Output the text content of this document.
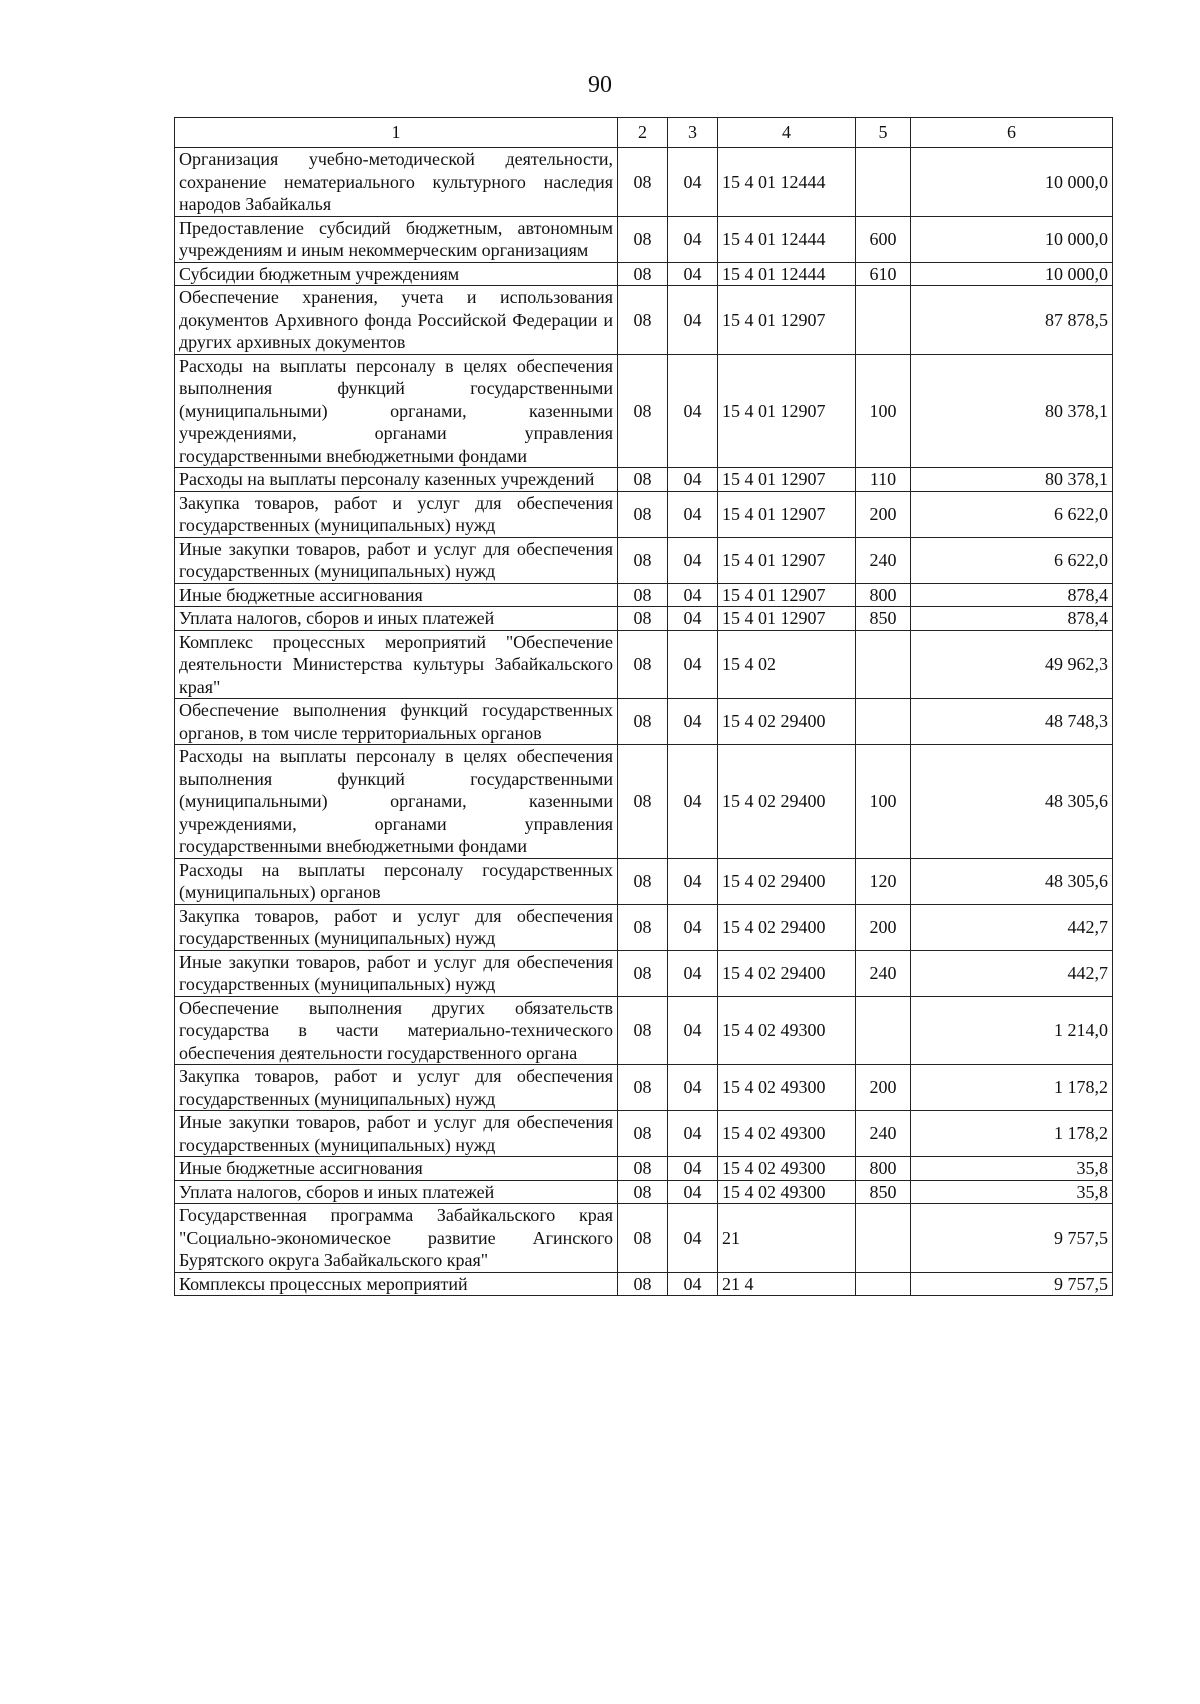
90
1	2	3	4	5	6
Организация учебно-методической деятельности, сохранение нематериального культурного наследия народов Забайкалья	08	04	15 4 01 12444		10 000,0
Предоставление субсидий бюджетным, автономным учреждениям и иным некоммерческим организациям	08	04	15 4 01 12444	600	10 000,0
Субсидии бюджетным учреждениям	08	04	15 4 01 12444	610	10 000,0
Обеспечение хранения, учета и использования документов Архивного фонда Российской Федерации и других архивных документов	08	04	15 4 01 12907		87 878,5
Расходы на выплаты персоналу в целях обеспечения выполнения функций государственными (муниципальными) органами, казенными учреждениями, органами управления государственными внебюджетными фондами	08	04	15 4 01 12907	100	80 378,1
Расходы на выплаты персоналу казенных учреждений	08	04	15 4 01 12907	110	80 378,1
Закупка товаров, работ и услуг для обеспечения государственных (муниципальных) нужд	08	04	15 4 01 12907	200	6 622,0
Иные закупки товаров, работ и услуг для обеспечения государственных (муниципальных) нужд	08	04	15 4 01 12907	240	6 622,0
Иные бюджетные ассигнования	08	04	15 4 01 12907	800	878,4
Уплата налогов, сборов и иных платежей	08	04	15 4 01 12907	850	878,4
Комплекс процессных мероприятий "Обеспечение деятельности Министерства культуры Забайкальского края"	08	04	15 4 02		49 962,3
Обеспечение выполнения функций государственных органов, в том числе территориальных органов	08	04	15 4 02 29400		48 748,3
Расходы на выплаты персоналу в целях обеспечения выполнения функций государственными (муниципальными) органами, казенными учреждениями, органами управления государственными внебюджетными фондами	08	04	15 4 02 29400	100	48 305,6
Расходы на выплаты персоналу государственных (муниципальных) органов	08	04	15 4 02 29400	120	48 305,6
Закупка товаров, работ и услуг для обеспечения государственных (муниципальных) нужд	08	04	15 4 02 29400	200	442,7
Иные закупки товаров, работ и услуг для обеспечения государственных (муниципальных) нужд	08	04	15 4 02 29400	240	442,7
Обеспечение выполнения других обязательств государства в части материально-технического обеспечения деятельности государственного органа	08	04	15 4 02 49300		1 214,0
Закупка товаров, работ и услуг для обеспечения государственных (муниципальных) нужд	08	04	15 4 02 49300	200	1 178,2
Иные закупки товаров, работ и услуг для обеспечения государственных (муниципальных) нужд	08	04	15 4 02 49300	240	1 178,2
Иные бюджетные ассигнования	08	04	15 4 02 49300	800	35,8
Уплата налогов, сборов и иных платежей	08	04	15 4 02 49300	850	35,8
Государственная программа Забайкальского края "Социально-экономическое развитие Агинского Бурятского округа Забайкальского края"	08	04	21		9 757,5
Комплексы процессных мероприятий	08	04	21 4		9 757,5
